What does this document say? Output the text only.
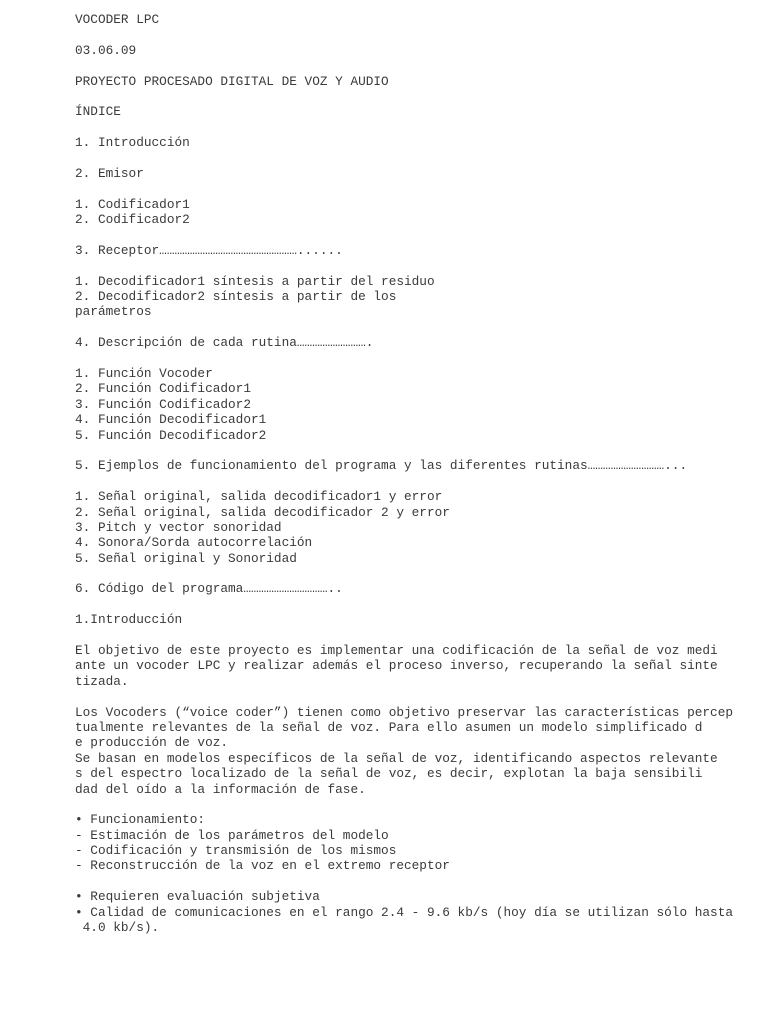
VOCODER LPC
03.06.09
PROYECTO PROCESADO DIGITAL DE VOZ Y AUDIO
ÍNDICE
1. Introducción
2. Emisor
1. Codificador1
2. Codificador2
3. Receptor………………………………………………......
1. Decodificador1 síntesis a partir del residuo
2. Decodificador2 síntesis a partir de los
parámetros
4. Descripción de cada rutina……………………….
1. Función Vocoder
2. Función Codificador1
3. Función Codificador2
4. Función Decodificador1
5. Función Decodificador2
5. Ejemplos de funcionamiento del programa y las diferentes rutinas…………………………...
1. Señal original, salida decodificador1 y error
2. Señal original, salida decodificador 2 y error
3. Pitch y vector sonoridad
4. Sonora/Sorda autocorrelación
5. Señal original y Sonoridad
6. Código del programa……………………………..
1.Introducción
El objetivo de este proyecto es implementar una codificación de la señal de voz medi
ante un vocoder LPC y realizar además el proceso inverso, recuperando la señal sinte
tizada.
Los Vocoders (“voice coder”) tienen como objetivo preservar las características percep
tualmente relevantes de la señal de voz. Para ello asumen un modelo simplificado d
e producción de voz.
Se basan en modelos específicos de la señal de voz, identificando aspectos relevante
s del espectro localizado de la señal de voz, es decir, explotan la baja sensibili
dad del oído a la información de fase.
• Funcionamiento:
- Estimación de los parámetros del modelo
- Codificación y transmisión de los mismos
- Reconstrucción de la voz en el extremo receptor
• Requieren evaluación subjetiva
• Calidad de comunicaciones en el rango 2.4 - 9.6 kb/s (hoy día se utilizan sólo hasta
4.0 kb/s).
